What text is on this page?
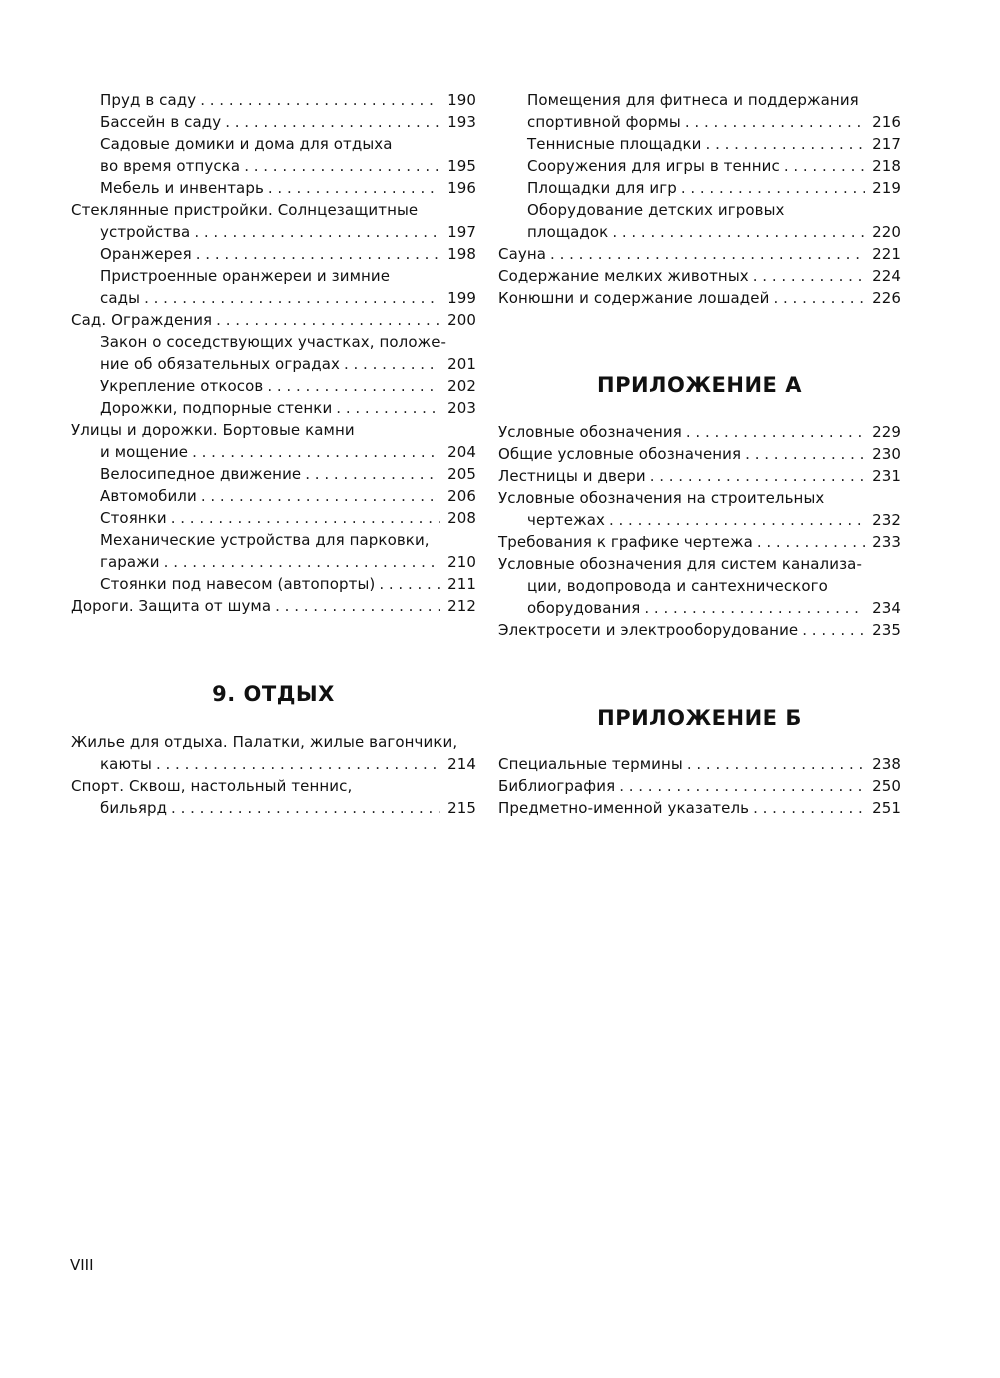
Пруд в саду . . .	190
Бассейн в саду . . .	193
Садовые домики и дома для отдыха
во время отпуска . . .	195
Мебель и инвентарь . . .	196
Стеклянные пристройки. Солнцезащитные
устройства . . .	197
Оранжерея . . .	198
Пристроенные оранжереи и зимние
сады . . .	199
Сад. Ограждения . . .	200
Закон о соседствующих участках, положе-
ние об обязательных оградах . . .	201
Укрепление откосов . . .	202
Дорожки, подпорные стенки . . .	203
Улицы и дорожки. Бортовые камни
и мощение . . .	204
Велосипедное движение . . .	205
Автомобили . . .	206
Стоянки . . .	208
Механические устройства для парковки,
гаражи . . .	210
Стоянки под навесом (автопорты) . . .	211
Дороги. Защита от шума . . .	212
9. ОТДЫХ
Жилье для отдыха. Палатки, жилые вагончики,
каюты . . .	214
Спорт. Сквош, настольный теннис,
бильярд . . .	215
Помещения для фитнеса и поддержания
спортивной формы . . .	216
Теннисные площадки . . .	217
Сооружения для игры в теннис . . .	218
Площадки для игр . . .	219
Оборудование детских игровых
площадок . . .	220
Сауна . . .	221
Содержание мелких животных . . .	224
Конюшни и содержание лошадей . . .	226
ПРИЛОЖЕНИЕ А
Условные обозначения . . .	229
Общие условные обозначения . . .	230
Лестницы и двери . . .	231
Условные обозначения на строительных
чертежах . . .	232
Требования к графике чертежа . . .	233
Условные обозначения для систем канализа-
ции, водопровода и сантехнического
оборудования . . .	234
Электросети и электрооборудование . . .	235
ПРИЛОЖЕНИЕ Б
Специальные термины . . .	238
Библиография . . .	250
Предметно-именной указатель . . .	251
VIII
